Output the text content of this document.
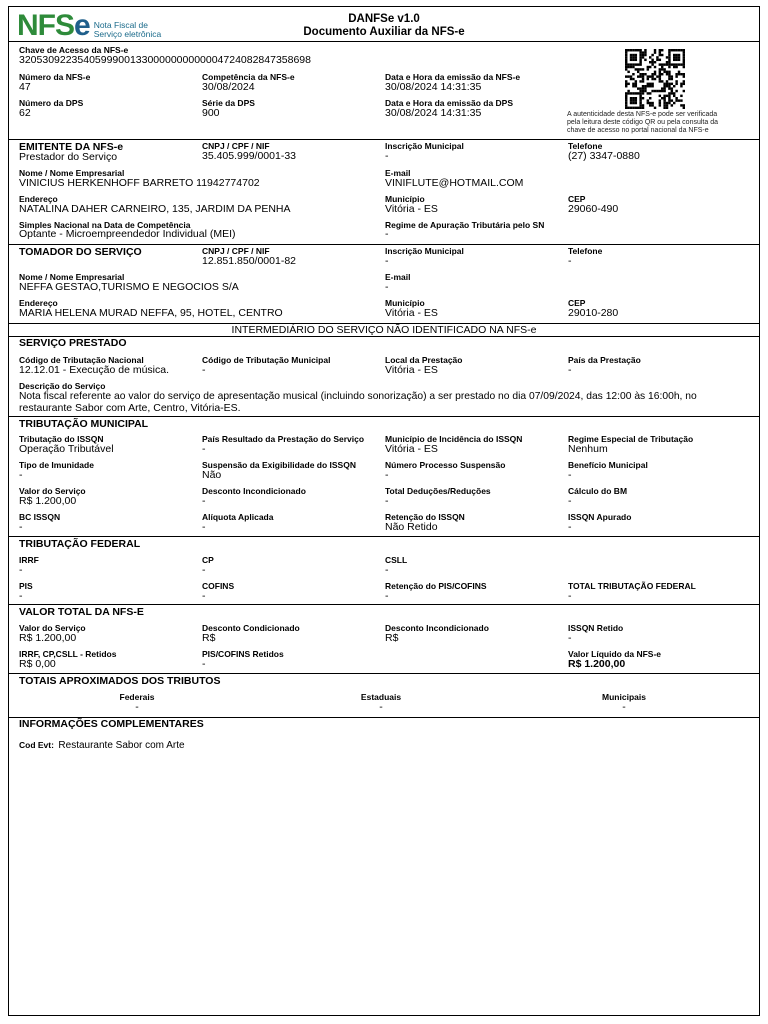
NFSe Nota Fiscal de
Serviço eletrônica
DANFSe v1.0
Documento Auxiliar da NFS-e
Chave de Acesso da NFS-e
32053092235405999001330000000000004724082847358698
Número da NFS-e
47
Competência da NFS-e
30/08/2024
Data e Hora da emissão da NFS-e
30/08/2024 14:31:35
Número da DPS
62
Série da DPS
900
Data e Hora da emissão da DPS
30/08/2024 14:31:35	A autenticidade desta NFS-e pode ser verificada
pela leitura deste código QR ou pela consulta da
chave de acesso no portal nacional da NFS-e
EMITENTE DA NFS-e
Prestador do Serviço
CNPJ / CPF / NIF
35.405.999/0001-33
Inscrição Municipal
-
Telefone
(27) 3347-0880
Nome / Nome Empresarial
VINICIUS HERKENHOFF BARRETO 11942774702
E-mail
VINIFLUTE@HOTMAIL.COM
Endereço
NATALINA DAHER CARNEIRO, 135, JARDIM DA PENHA
Município
Vitória - ES
CEP
29060-490
Simples Nacional na Data de Competência
Optante - Microempreendedor Individual (MEI)
Regime de Apuração Tributária pelo SN
-
TOMADOR DO SERVIÇO	CNPJ / CPF / NIF
12.851.850/0001-82
Inscrição Municipal
-
Telefone
-
Nome / Nome Empresarial
NEFFA GESTAO,TURISMO E NEGOCIOS S/A
E-mail
-
Endereço
MARIA HELENA MURAD NEFFA, 95, HOTEL, CENTRO
Município
Vitória - ES
CEP
29010-280
INTERMEDIÁRIO DO SERVIÇO NÃO IDENTIFICADO NA NFS-e
SERVIÇO PRESTADO
Código de Tributação Nacional
12.12.01 - Execução de música.
Código de Tributação Municipal
-
Local da Prestação
Vitória - ES
País da Prestação
-
Descrição do Serviço
Nota fiscal referente ao valor do serviço de apresentação musical (incluindo sonorização) a ser prestado no dia 07/09/2024, das 12:00 às 16:00h, no
restaurante Sabor com Arte, Centro, Vitória-ES.
TRIBUTAÇÃO MUNICIPAL
TRIBUTAÇÃO FEDERAL
IRRF
-
CP
-
CSLL
-
PIS
-
COFINS
-
Retenção do PIS/COFINS
-
TOTAL TRIBUTAÇÃO FEDERAL
-
VALOR TOTAL DA NFS-E
Valor do Serviço
R$ 1.200,00
Desconto Condicionado
R$
Desconto Incondicionado
R$
ISSQN Retido
-
IRRF, CP,CSLL - Retidos
R$ 0,00
PIS/COFINS Retidos
-
Valor Líquido da NFS-e
R$ 1.200,00
TOTAIS APROXIMADOS DOS TRIBUTOS
Federais
-
Estaduais
-
Municipais
-
INFORMAÇÕES COMPLEMENTARES
Cod Evt: Restaurante Sabor com Arte
Tributação do ISSQN
Operação Tributável
País Resultado da Prestação do Serviço
-
Município de Incidência do ISSQN
Vitória - ES
Regime Especial de Tributação
Nenhum
Tipo de Imunidade
-
Suspensão da Exigibilidade do ISSQN
Não
Número Processo Suspensão
-
Benefício Municipal
-
Valor do Serviço
R$ 1.200,00
Desconto Incondicionado
-
Total Deduções/Reduções
-
Cálculo do BM
-
BC ISSQN
-
Alíquota Aplicada
-
Retenção do ISSQN
Não Retido
ISSQN Apurado
-
